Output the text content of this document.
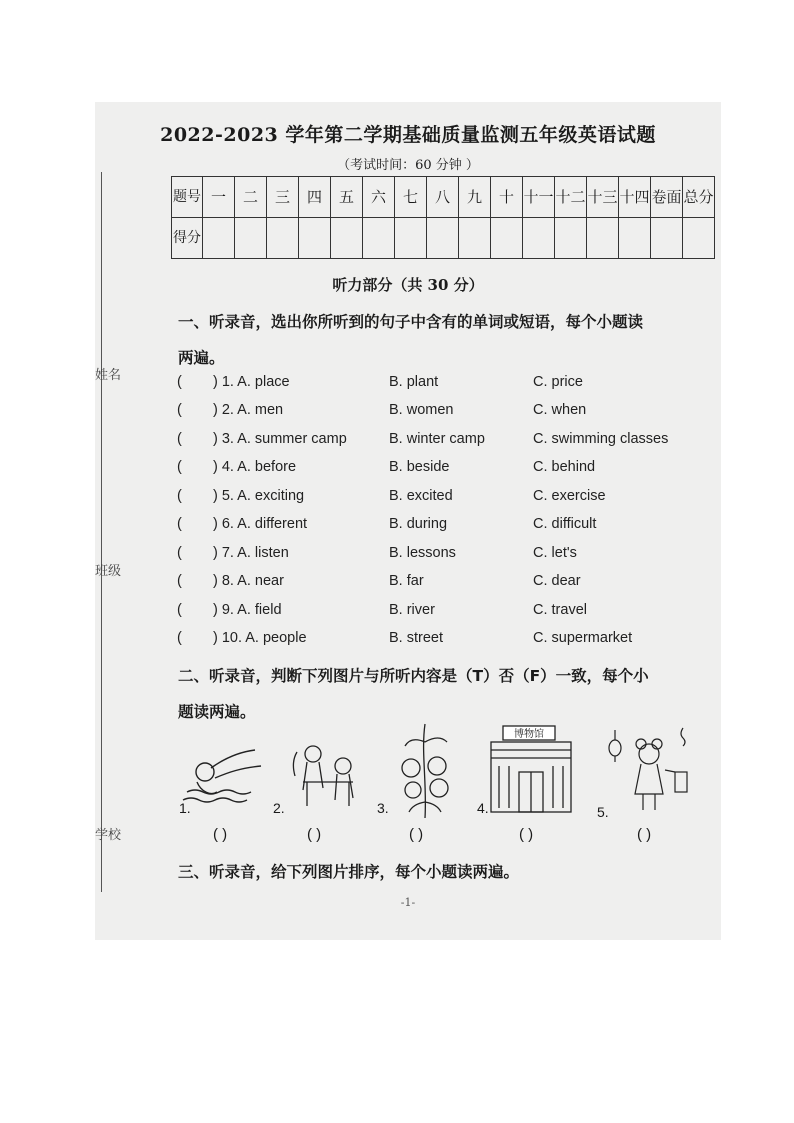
姓名
班级
学校
2022-2023 学年第二学期基础质量监测五年级英语试题
（考试时间：60 分钟 ）
题号	一	二	三	四	五	六	七	八	九	十	十一	十二	十三	十四	卷面	总分
得分																
听力部分（共 30 分）
一、听录音，选出你所听到的句子中含有的单词或短语，每个小题读
两遍。
( ) 1. A. place	B. plant	C. price
( ) 2. A. men	B. women	C. when
( ) 3. A. summer camp	B. winter camp	C. swimming classes
( ) 4. A. before	B. beside	C. behind
( ) 5. A. exciting	B. excited	C. exercise
( ) 6. A. different	B. during	C. difficult
( ) 7. A. listen	B. lessons	C. let's
( ) 8. A. near	B. far	C. dear
( ) 9. A. field	B. river	C. travel
( ) 10. A. people	B. street	C. supermarket
二、听录音，判断下列图片与所听内容是（T）否（F）一致，每个小
题读两遍。
1.
( )
2.
( )
3.
( )
4.
博物馆
( )
5.
( )
三、听录音，给下列图片排序，每个小题读两遍。
-1-
